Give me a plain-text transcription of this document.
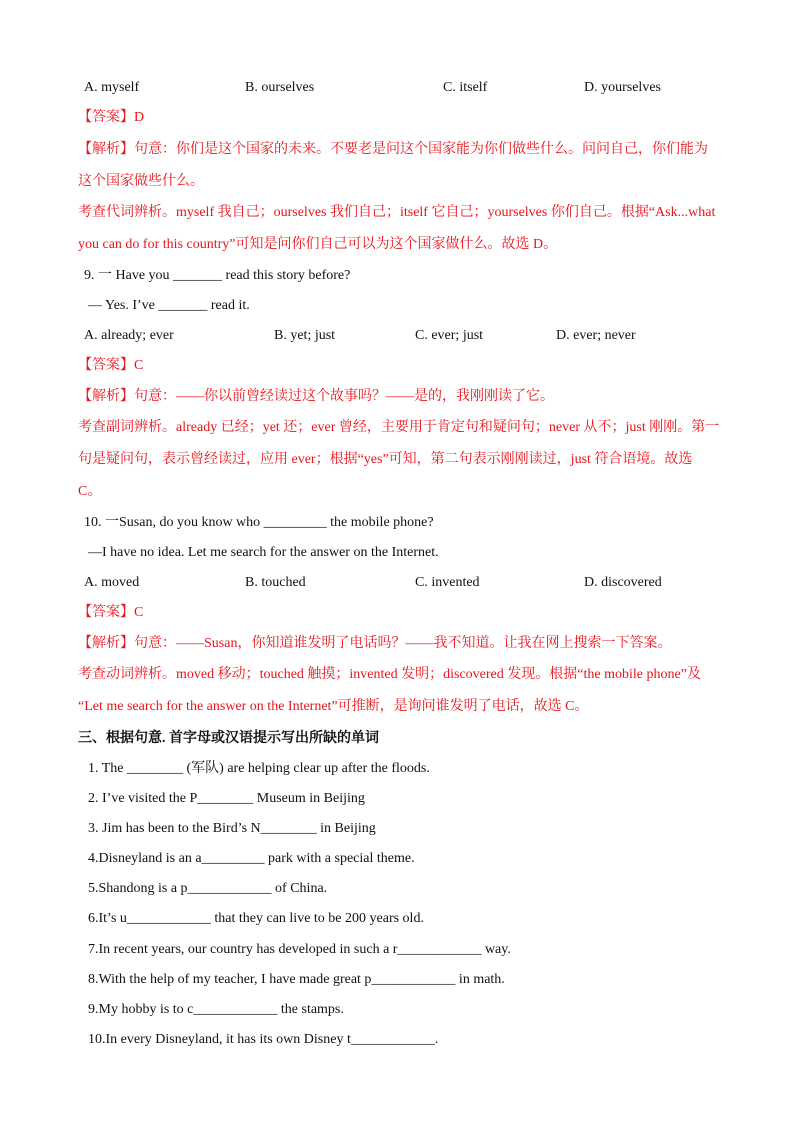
A. myself	B. ourselves	C. itself	D. yourselves
【答案】D
【解析】句意：你们是这个国家的未来。不要老是问这个国家能为你们做些什么。问问自己，你们能为
这个国家做些什么。
考查代词辨析。myself 我自己；ourselves 我们自己；itself 它自己；yourselves 你们自己。根据“Ask...what
you can do for this country”可知是问你们自己可以为这个国家做什么。故选 D。
9. 一 Have you _______ read this story before?
— Yes. I’ve _______ read it.
A. already; ever	B. yet; just	C. ever; just	D. ever; never
【答案】C
【解析】句意：——你以前曾经读过这个故事吗？——是的，我刚刚读了它。
考查副词辨析。already 已经；yet 还；ever 曾经，主要用于肯定句和疑问句；never 从不；just 刚刚。第一
句是疑问句，表示曾经读过，应用 ever；根据“yes”可知，第二句表示刚刚读过，just 符合语境。故选
C。
10. 一Susan, do you know who _________ the mobile phone?
—I have no idea. Let me search for the answer on the Internet.
A. moved	B. touched	C. invented	D. discovered
【答案】C
【解析】句意：——Susan，你知道谁发明了电话吗？——我不知道。让我在网上搜索一下答案。
考查动词辨析。moved 移动；touched 触摸；invented 发明；discovered 发现。根据“the mobile phone”及
“Let me search for the answer on the Internet”可推断，是询问谁发明了电话，故选 C。
三、根据句意. 首字母或汉语提示写出所缺的单词
1. The ________ (军队) are helping clear up after the floods.
2. I’ve visited the P________ Museum in Beijing
3. Jim has been to the Bird’s N________ in Beijing
4.Disneyland is an a_________ park with a special theme.
5.Shandong is a p____________ of China.
6.It’s u____________ that they can live to be 200 years old.
7.In recent years, our country has developed in such a r____________ way.
8.With the help of my teacher, I have made great p____________ in math.
9.My hobby is to c____________ the stamps.
10.In every Disneyland, it has its own Disney t____________.
